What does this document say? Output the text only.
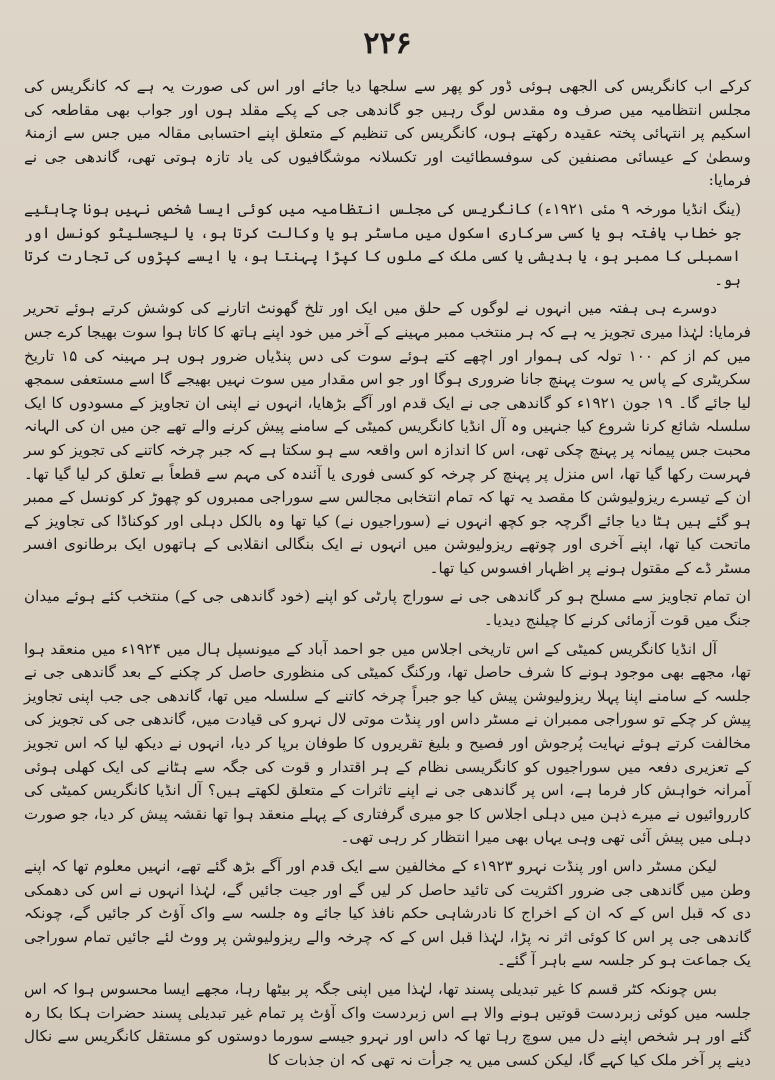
۲۲۶

کرکے اب کانگریس کی الجھی ہوئی ڈور کو پھر سے سلجھا دیا جائے اور اس کی صورت یہ ہے کہ کانگریس کی مجلس انتظامیہ میں صرف وہ مقدس لوگ رہیں جو گاندھی جی کے پکے مقلد ہوں اور جواب بھی مقاطعہ کی اسکیم پر انتہائی پختہ عقیدہ رکھتے ہوں، کانگریس کی تنظیم کے متعلق اپنے احتسابی مقالہ میں جس سے ازمنۂ وسطیٰ کے عیسائی مصنفین کی سوفسطائیت اور تکسلانہ موشگافیوں کی یاد تازہ ہوتی تھی، گاندھی جی نے فرمایا:

(ینگ انڈیا مورخہ ۹ مئی ۱۹۲۱ء) کانگریس کی مجلس انتظامیہ میں کوئی ایسا شخص نہیں ہونا چاہئیے جو خطاب یافتہ ہو یا کسی سرکاری اسکول میں ماسٹر ہو یا وکالت کرتا ہو، یا لیجسلیٹو کونسل اور اسمبلی کا ممبر ہو، یا بدیشی یا کسی ملک کے ملوں کا کپڑا پہنتا ہو، یا ایسے کپڑوں کی تجارت کرتا ہو۔

دوسرے ہی ہفتہ میں انہوں نے لوگوں کے حلق میں ایک اور تلخ گھونٹ اتارنے کی کوشش کرتے ہوئے تحریر فرمایا: لہٰذا میری تجویز یہ ہے کہ ہر منتخب ممبر مہینے کے آخر میں خود اپنے ہاتھ کا کاتا ہوا سوت بھیجا کرے جس میں کم از کم ۱۰۰ تولہ کی ہموار اور اچھے کتے ہوئے سوت کی دس پنڈیاں ضرور ہوں ہر مہینہ کی ۱۵ تاریخ سکریٹری کے پاس یہ سوت پہنچ جانا ضروری ہوگا اور جو اس مقدار میں سوت نہیں بھیجے گا اسے مستعفی سمجھ لیا جائے گا۔ ۱۹ جون ۱۹۲۱ء کو گاندھی جی نے ایک قدم اور آگے بڑھایا، انہوں نے اپنی ان تجاویز کے مسودوں کا ایک سلسلہ شائع کرنا شروع کیا جنہیں وہ آل انڈیا کانگریس کمیٹی کے سامنے پیش کرنے والے تھے جن میں ان کی الہانہ محبت جس پیمانہ پر پہنچ چکی تھی، اس کا اندازہ اس واقعہ سے ہو سکتا ہے کہ جبر چرخہ کاتنے کی تجویز کو سر فہرست رکھا گیا تھا، اس منزل پر پہنچ کر چرخہ کو کسی فوری یا آئندہ کی مہم سے قطعاً بے تعلق کر لیا گیا تھا۔ ان کے تیسرے ریزولیوشن کا مقصد یہ تھا کہ تمام انتخابی مجالس سے سوراجی ممبروں کو چھوڑ کر کونسل کے ممبر ہو گئے ہیں ہٹا دیا جائے اگرچہ جو کچھ انہوں نے (سوراجیوں نے) کیا تھا وہ بالکل دہلی اور کوکناڈا کی تجاویز کے ماتحت کیا تھا، اپنے آخری اور چوتھے ریزولیوشن میں انہوں نے ایک بنگالی انقلابی کے ہاتھوں ایک برطانوی افسر مسٹر ڈے کے مقتول ہونے پر اظہار افسوس کیا تھا۔

ان تمام تجاویز سے مسلح ہو کر گاندھی جی نے سوراج پارٹی کو اپنے (خود گاندھی جی کے) منتخب کئے ہوئے میدان جنگ میں قوت آزمائی کرنے کا چیلنج دیدیا۔

آل انڈیا کانگریس کمیٹی کے اس تاریخی اجلاس میں جو احمد آباد کے میونسپل ہال میں ۱۹۲۴ء میں منعقد ہوا تھا، مجھے بھی موجود ہونے کا شرف حاصل تھا، ورکنگ کمیٹی کی منظوری حاصل کر چکنے کے بعد گاندھی جی نے جلسہ کے سامنے اپنا پہلا ریزولیوشن پیش کیا جو جبراً چرخہ کاتنے کے سلسلہ میں تھا، گاندھی جی جب اپنی تجاویز پیش کر چکے تو سوراجی ممبران نے مسٹر داس اور پنڈت موتی لال نہرو کی قیادت میں، گاندھی جی کی تجویز کی مخالفت کرتے ہوئے نہایت پُرجوش اور فصیح و بلیغ تقریروں کا طوفان برپا کر دیا، انہوں نے دیکھ لیا کہ اس تجویز کے تعزیری دفعہ میں سوراجیوں کو کانگریسی نظام کے ہر اقتدار و قوت کی جگہ سے ہٹانے کی ایک کھلی ہوئی آمرانہ خواہش کار فرما ہے، اس پر گاندھی جی نے اپنے تاثرات کے متعلق لکھتے ہیں؟ آل انڈیا کانگریس کمیٹی کی کارروائیوں نے میرے ذہن میں دہلی اجلاس کا جو میری گرفتاری کے پہلے منعقد ہوا تھا نقشہ پیش کر دیا، جو صورت دہلی میں پیش آئی تھی وہی یہاں بھی میرا انتظار کر رہی تھی۔

لیکن مسٹر داس اور پنڈت نہرو ۱۹۲۳ء کے مخالفین سے ایک قدم اور آگے بڑھ گئے تھے، انہیں معلوم تھا کہ اپنے وطن میں گاندھی جی ضرور اکثریت کی تائید حاصل کر لیں گے اور جیت جائیں گے، لہٰذا انہوں نے اس کی دھمکی دی کہ قبل اس کے کہ ان کے اخراج کا نادرشاہی حکم نافذ کیا جائے وہ جلسہ سے واک آؤٹ کر جائیں گے، چونکہ گاندھی جی پر اس کا کوئی اثر نہ پڑا، لہٰذا قبل اس کے کہ چرخہ والے ریزولیوشن پر ووٹ لئے جائیں تمام سوراجی یک جماعت ہو کر جلسہ سے باہر آ گئے۔

بس چونکہ کٹر قسم کا غیر تبدیلی پسند تھا، لہٰذا میں اپنی جگہ پر بیٹھا رہا، مجھے ایسا محسوس ہوا کہ اس جلسہ میں کوئی زبردست قوتیں ہونے والا ہے اس زبردست واک آؤٹ پر تمام غیر تبدیلی پسند حضرات ہکا بکا رہ گئے اور ہر شخص اپنے دل میں سوچ رہا تھا کہ داس اور نہرو جیسے سورما دوستوں کو مستقل کانگریس سے نکال دینے پر آخر ملک کیا کہے گا، لیکن کسی میں یہ جرأت نہ تھی کہ ان جذبات کا
